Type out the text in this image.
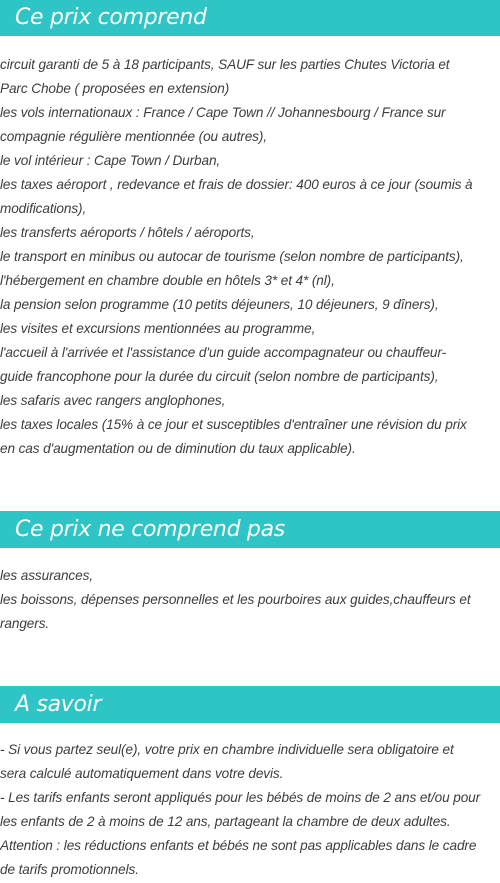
Ce prix comprend

circuit garanti de 5 à 18 participants, SAUF sur les parties Chutes Victoria et
Parc Chobe ( proposées en extension)
les vols internationaux : France / Cape Town // Johannesbourg / France sur
compagnie régulière mentionnée (ou autres),
le vol intérieur : Cape Town / Durban,
les taxes aéroport , redevance et frais de dossier: 400 euros à ce jour (soumis à
modifications),
les transferts aéroports / hôtels / aéroports,
le transport en minibus ou autocar de tourisme (selon nombre de participants),
l'hébergement en chambre double en hôtels 3* et 4* (nl),
la pension selon programme (10 petits déjeuners, 10 déjeuners, 9 dîners),
les visites et excursions mentionnées au programme,
l'accueil à l'arrivée et l'assistance d'un guide accompagnateur ou chauffeur-
guide francophone pour la durée du circuit (selon nombre de participants),
les safaris avec rangers anglophones,
les taxes locales (15% à ce jour et susceptibles d'entraîner une révision du prix
en cas d'augmentation ou de diminution du taux applicable).

Ce prix ne comprend pas

les assurances,
les boissons, dépenses personnelles et les pourboires aux guides,chauffeurs et
rangers.

A savoir

- Si vous partez seul(e), votre prix en chambre individuelle sera obligatoire et
sera calculé automatiquement dans votre devis.
- Les tarifs enfants seront appliqués pour les bébés de moins de 2 ans et/ou pour
les enfants de 2 à moins de 12 ans, partageant la chambre de deux adultes.
Attention : les réductions enfants et bébés ne sont pas applicables dans le cadre
de tarifs promotionnels.
